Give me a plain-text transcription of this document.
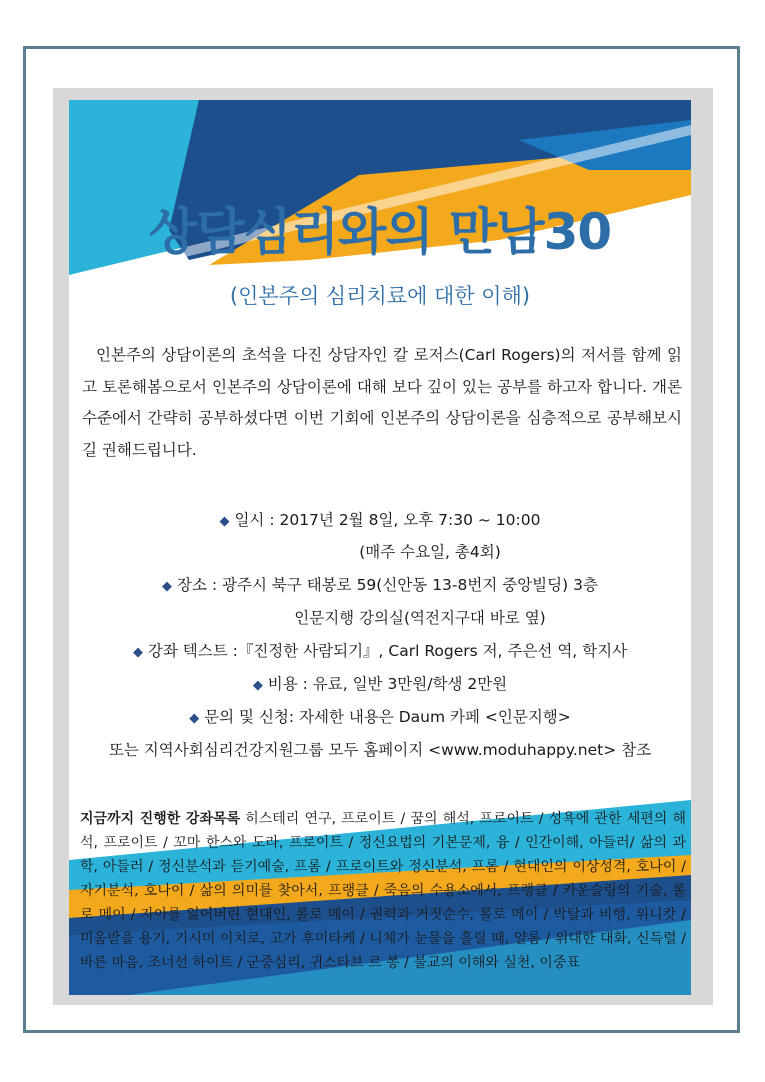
상담심리와의 만남30
(인본주의 심리치료에 대한 이해)
인본주의 상담이론의 초석을 다진 상담자인 칼 로저스(Carl Rogers)의 저서를 함께 읽고 토론해봄으로서 인본주의 상담이론에 대해 보다 깊이 있는 공부를 하고자 합니다. 개론수준에서 간략히 공부하셨다면 이번 기회에 인본주의 상담이론을 심층적으로 공부해보시길 권해드립니다.
◆ 일시 : 2017년 2월 8일, 오후 7:30 ~ 10:00
(매주 수요일, 총4회)
◆ 장소 : 광주시 북구 태봉로 59(신안동 13-8번지 중앙빌딩) 3층
인문지행 강의실(역전지구대 바로 옆)
◆ 강좌 텍스트 :『진정한 사람되기』, Carl Rogers 저, 주은선 역, 학지사
◆ 비용 : 유료, 일반 3만원/학생 2만원
◆ 문의 및 신청: 자세한 내용은 Daum 카페 <인문지행>
또는 지역사회심리건강지원그룹 모두 홈페이지 <www.moduhappy.net> 참조
지금까지 진행한 강좌목록 히스테리 연구, 프로이트 / 꿈의 해석, 프로이트 / 성욕에 관한 세편의 해석, 프로이트 / 꼬마 한스와 도라, 프로이트 / 정신요법의 기본문제, 융 / 인간이해, 아들러/ 삶의 과학, 아들러 / 정신분석과 듣기예술, 프롬 / 프로이트와 정신분석, 프롬 / 현대인의 이상성격, 호나이 / 자기분석, 호나이 / 삶의 의미를 찾아서, 프랭클 / 죽음의 수용소에서, 프랭클 / 카운슬링의 기술, 롤로 메이 / 자아를 잃어버린 현대인, 롤로 메이 / 권력과 거짓순수, 롤로 메이 / 박탈과 비행, 위니캇 / 미움받을 용기, 기시미 이치로, 고가 후미타케 / 니체가 눈물을 흘릴 때, 얄롬 / 위대한 대화, 신득렬 / 바른 마음, 조너선 하이트 / 군중심리, 귀스타브 르 봉 / 불교의 이해와 실천, 이중표
